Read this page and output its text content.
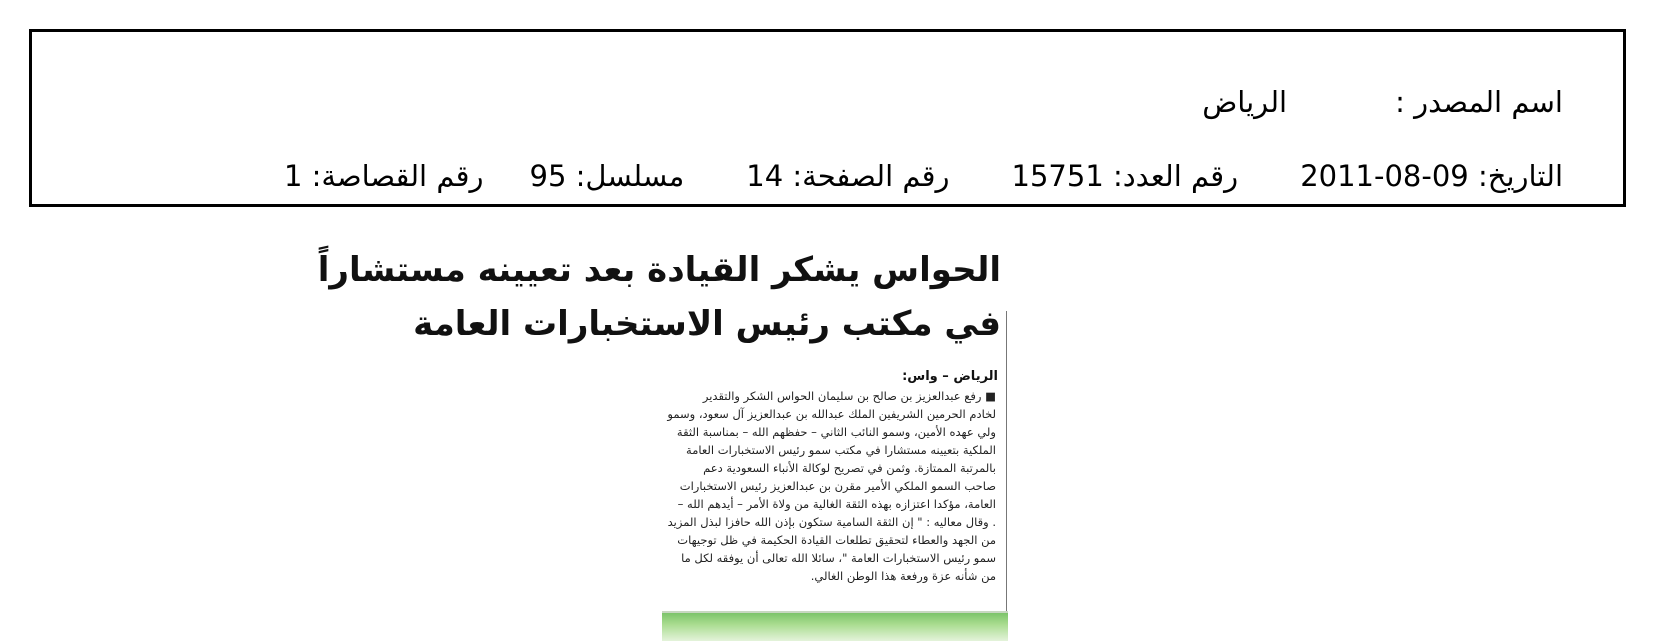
اسم المصدر :الرياض
التاريخ: 2011-08-09رقم العدد: 15751رقم الصفحة: 14مسلسل: 95رقم القصاصة: 1
الحواس يشكر القيادة بعد تعيينه مستشاراً
في مكتب رئيس الاستخبارات العامة
الرياض – واس:
■ رفع عبدالعزيز بن صالح بن سليمان الحواس الشكر والتقدير
لخادم الحرمين الشريفين الملك عبدالله بن عبدالعزيز آل سعود، وسمو
ولي عهده الأمين، وسمو النائب الثاني – حفظهم الله – بمناسبة الثقة
الملكية بتعيينه مستشارا في مكتب سمو رئيس الاستخبارات العامة
بالمرتبة الممتازة. وثمن في تصريح لوكالة الأنباء السعودية دعم
صاحب السمو الملكي الأمير مقرن بن عبدالعزيز رئيس الاستخبارات
العامة، مؤكدا اعتزازه بهذه الثقة الغالية من ولاة الأمر – أيدهم الله –
. وقال معاليه : " إن الثقة السامية ستكون بإذن الله حافزا لبذل المزيد
من الجهد والعطاء لتحقيق تطلعات القيادة الحكيمة في ظل توجيهات
سمو رئيس الاستخبارات العامة "، سائلا الله تعالى أن يوفقه لكل ما
من شأنه عزة ورفعة هذا الوطن الغالي.
